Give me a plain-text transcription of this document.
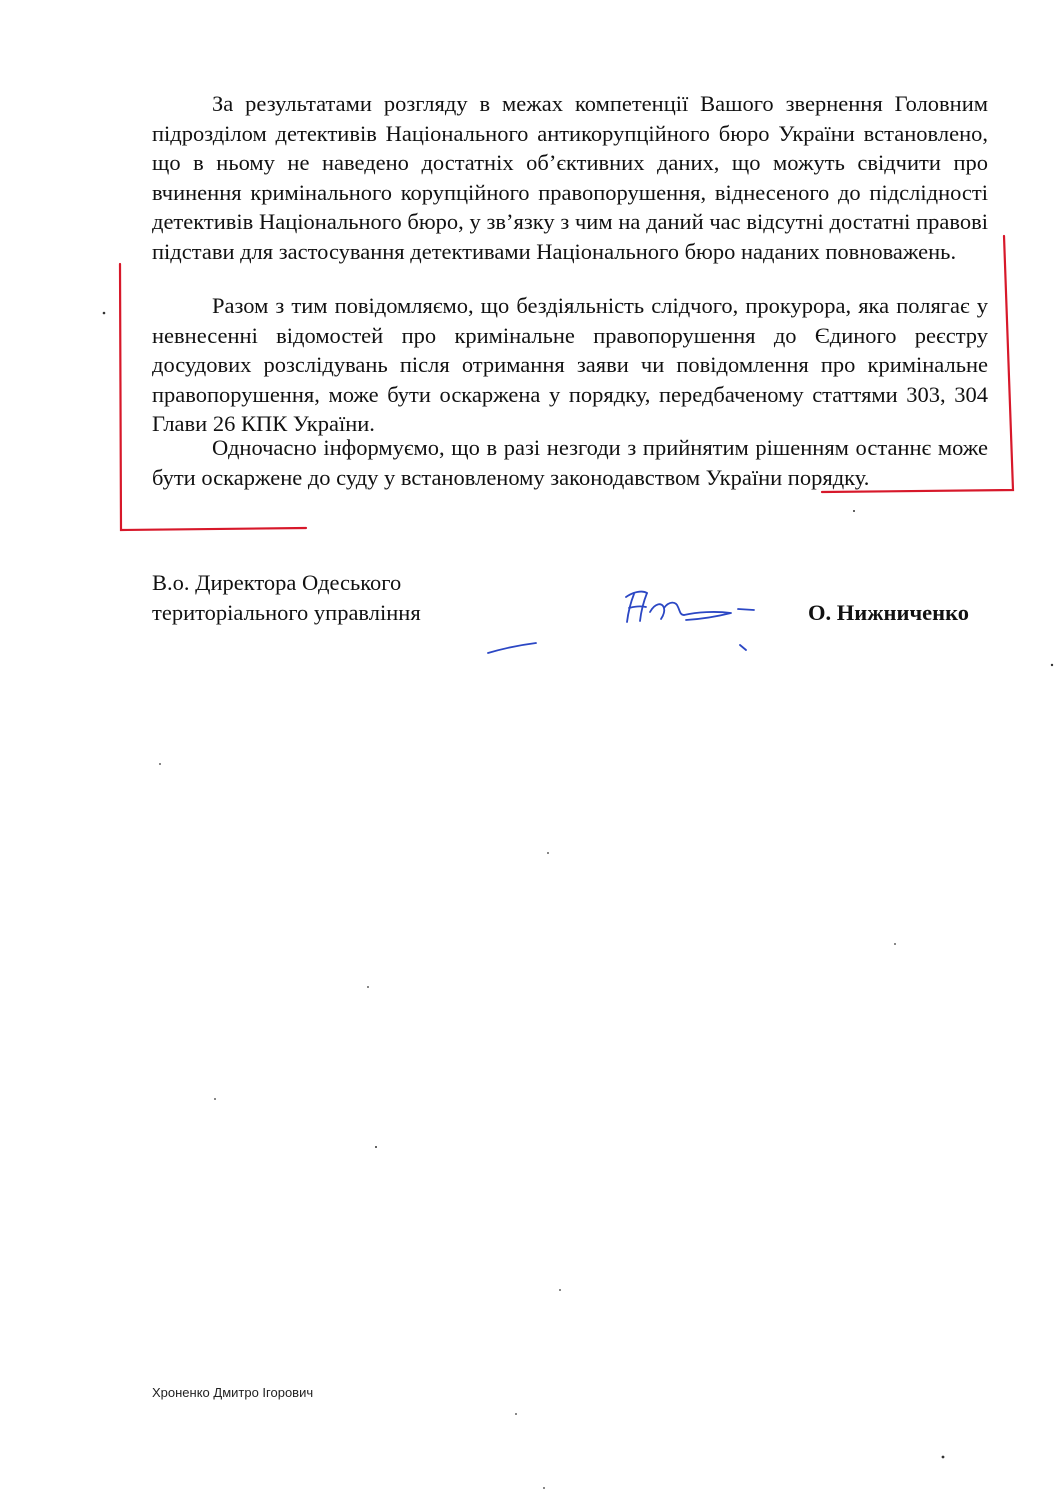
За результатами розгляду в межах компетенції Вашого звернення Головним підрозділом детективів Національного антикорупційного бюро України встановлено, що в ньому не наведено достатніх об’єктивних даних, що можуть свідчити про вчинення кримінального корупційного правопорушення, віднесеного до підслідності детективів Національного бюро, у зв’язку з чим на даний час відсутні достатні правові підстави для застосування детективами Національного бюро наданих повноважень.

Разом з тим повідомляємо, що бездіяльність слідчого, прокурора, яка полягає у невнесенні відомостей про кримінальне правопорушення до Єдиного реєстру досудових розслідувань після отримання заяви чи повідомлення про кримінальне правопорушення, може бути оскаржена у порядку, передбаченому статтями 303, 304 Глави 26 КПК України.

Одночасно інформуємо, що в разі незгоди з прийнятим рішенням останнє може бути оскаржене до суду у встановленому законодавством України порядку.

В.о. Директора Одеського
територіального управління	О. Нижниченко
Хроненко Дмитро Ігорович
